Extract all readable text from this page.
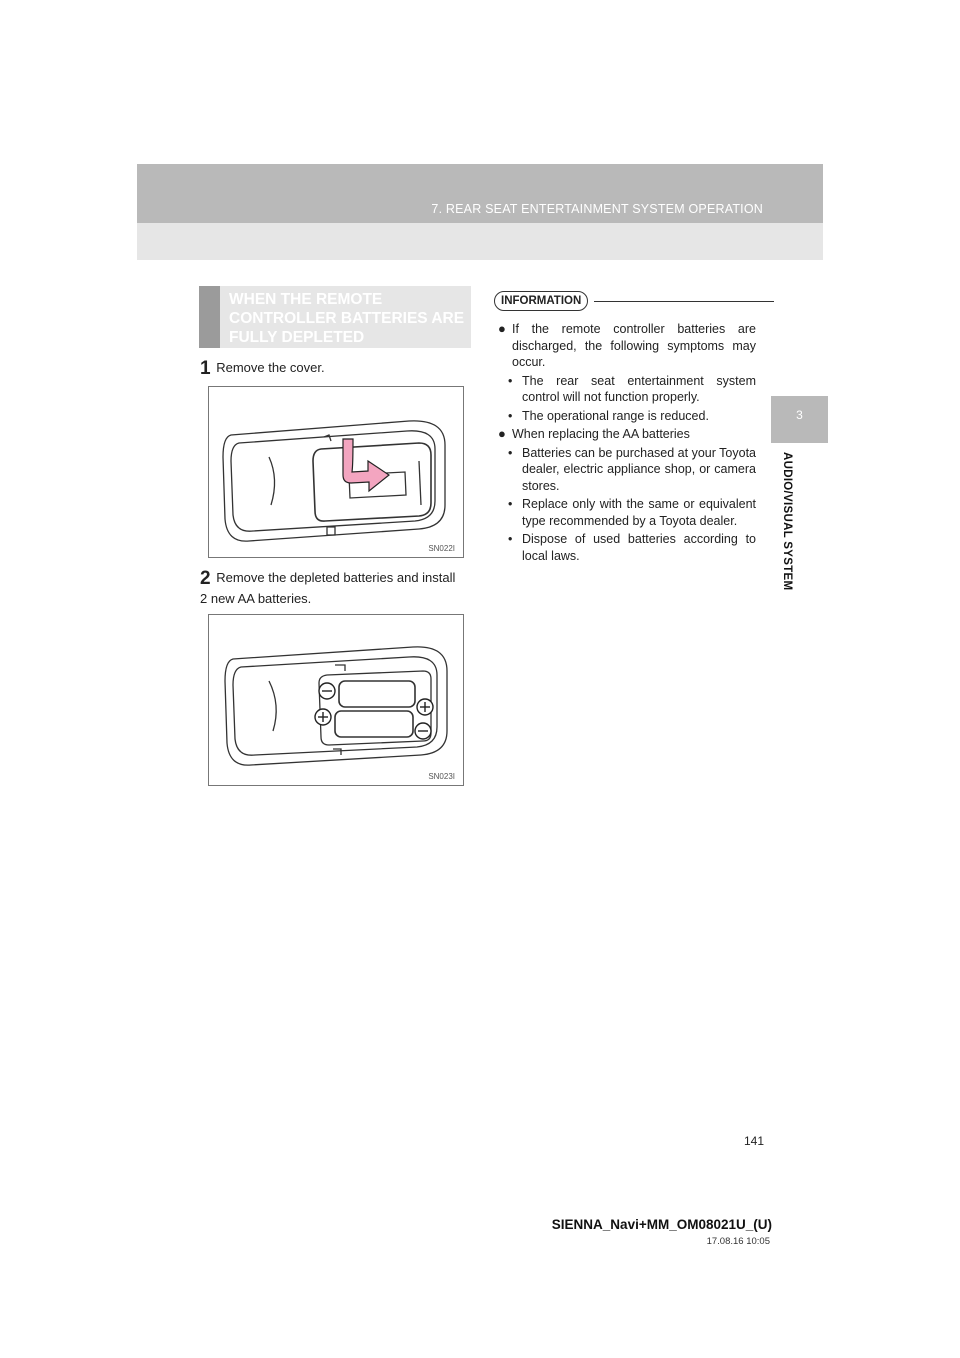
7. REAR SEAT ENTERTAINMENT SYSTEM OPERATION
3
AUDIO/VISUAL SYSTEM
WHEN THE REMOTE CONTROLLER BATTERIES ARE FULLY DEPLETED
1 Remove the cover.
SN022I
2 Remove the depleted batteries and install 2 new AA batteries.
SN023I
INFORMATION
● If the remote controller batteries are discharged, the following symptoms may occur.
• The rear seat entertainment system control will not function properly.
• The operational range is reduced.
● When replacing the AA batteries
• Batteries can be purchased at your Toyota dealer, electric appliance shop, or camera stores.
• Replace only with the same or equivalent type recommended by a Toyota dealer.
• Dispose of used batteries according to local laws.
141
SIENNA_Navi+MM_OM08021U_(U)
17.08.16 10:05
